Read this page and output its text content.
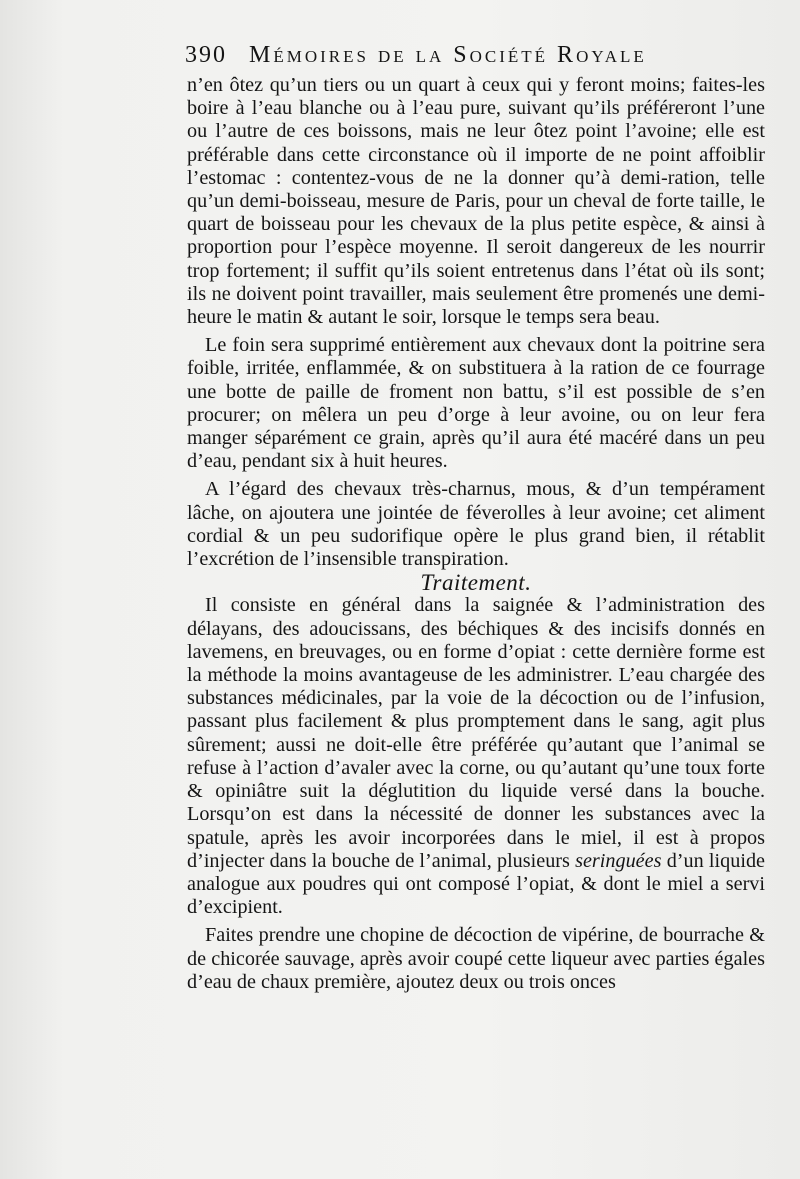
390 Mémoires de la Société Royale

n’en ôtez qu’un tiers ou un quart à ceux qui y feront moins; faites-les boire à l’eau blanche ou à l’eau pure, suivant qu’ils préféreront l’une ou l’autre de ces boissons, mais ne leur ôtez point l’avoine; elle est préférable dans cette circonstance où il importe de ne point affoiblir l’estomac : contentez-vous de ne la donner qu’à demi-ration, telle qu’un demi-boisseau, mesure de Paris, pour un cheval de forte taille, le quart de boisseau pour les chevaux de la plus petite espèce, & ainsi à proportion pour l’espèce moyenne. Il seroit dangereux de les nourrir trop fortement; il suffit qu’ils soient entretenus dans l’état où ils sont; ils ne doivent point travailler, mais seulement être promenés une demi-heure le matin & autant le soir, lorsque le temps sera beau.

Le foin sera supprimé entièrement aux chevaux dont la poitrine sera foible, irritée, enflammée, & on substituera à la ration de ce fourrage une botte de paille de froment non battu, s’il est possible de s’en procurer; on mêlera un peu d’orge à leur avoine, ou on leur fera manger séparément ce grain, après qu’il aura été macéré dans un peu d’eau, pendant six à huit heures.

A l’égard des chevaux très-charnus, mous, & d’un tempérament lâche, on ajoutera une jointée de féverolles à leur avoine; cet aliment cordial & un peu sudorifique opère le plus grand bien, il rétablit l’excrétion de l’insensible transpiration.

Traitement.

Il consiste en général dans la saignée & l’administration des délayans, des adoucissans, des béchiques & des incisifs donnés en lavemens, en breuvages, ou en forme d’opiat : cette dernière forme est la méthode la moins avantageuse de les administrer. L’eau chargée des substances médicinales, par la voie de la décoction ou de l’infusion, passant plus facilement & plus promptement dans le sang, agit plus sûrement; aussi ne doit-elle être préférée qu’autant que l’animal se refuse à l’action d’avaler avec la corne, ou qu’autant qu’une toux forte & opiniâtre suit la déglutition du liquide versé dans la bouche. Lorsqu’on est dans la nécessité de donner les substances avec la spatule, après les avoir incorporées dans le miel, il est à propos d’injecter dans la bouche de l’animal, plusieurs seringuées d’un liquide analogue aux poudres qui ont composé l’opiat, & dont le miel a servi d’excipient.

Faites prendre une chopine de décoction de vipérine, de bourrache & de chicorée sauvage, après avoir coupé cette liqueur avec parties égales d’eau de chaux première, ajoutez deux ou trois onces
